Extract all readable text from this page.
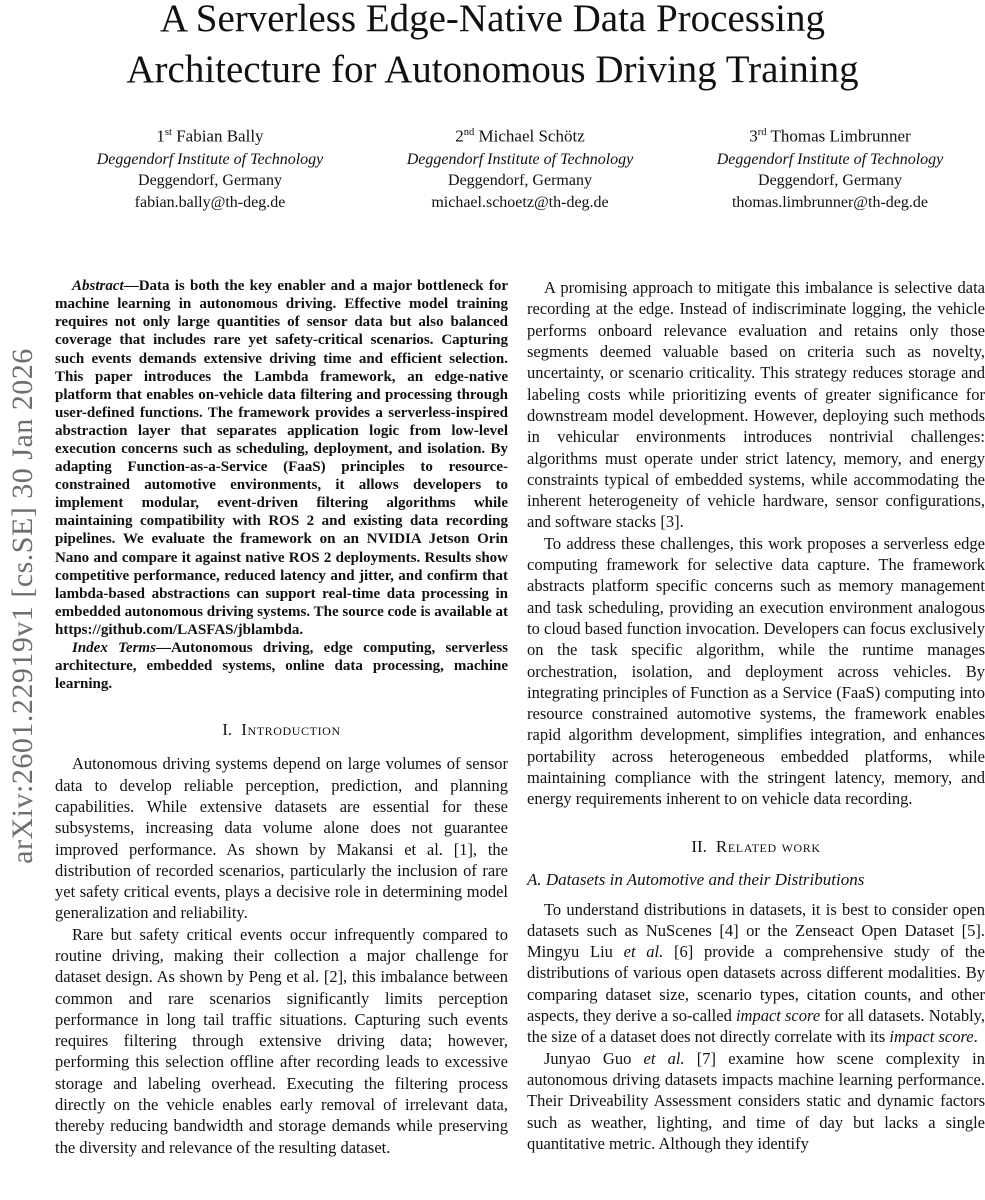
arXiv:2601.22919v1 [cs.SE] 30 Jan 2026
A Serverless Edge-Native Data Processing
Architecture for Autonomous Driving Training
1st Fabian Bally
Deggendorf Institute of Technology
Deggendorf, Germany
fabian.bally@th-deg.de
2nd Michael Schötz
Deggendorf Institute of Technology
Deggendorf, Germany
michael.schoetz@th-deg.de
3rd Thomas Limbrunner
Deggendorf Institute of Technology
Deggendorf, Germany
thomas.limbrunner@th-deg.de

Abstract—Data is both the key enabler and a major bottleneck for machine learning in autonomous driving. Effective model training requires not only large quantities of sensor data but also balanced coverage that includes rare yet safety-critical scenarios. Capturing such events demands extensive driving time and efficient selection. This paper introduces the Lambda framework, an edge-native platform that enables on-vehicle data filtering and processing through user-defined functions. The framework provides a serverless-inspired abstraction layer that separates application logic from low-level execution concerns such as scheduling, deployment, and isolation. By adapting Function-as-a-Service (FaaS) principles to resource-constrained automotive environments, it allows developers to implement modular, event-driven filtering algorithms while maintaining compatibility with ROS 2 and existing data recording pipelines. We evaluate the framework on an NVIDIA Jetson Orin Nano and compare it against native ROS 2 deployments. Results show competitive performance, reduced latency and jitter, and confirm that lambda-based abstractions can support real-time data processing in embedded autonomous driving systems. The source code is available at https://github.com/LASFAS/jblambda.

Index Terms—Autonomous driving, edge computing, serverless architecture, embedded systems, online data processing, machine learning.

I. Introduction

Autonomous driving systems depend on large volumes of sensor data to develop reliable perception, prediction, and planning capabilities. While extensive datasets are essential for these subsystems, increasing data volume alone does not guarantee improved performance. As shown by Makansi et al. [1], the distribution of recorded scenarios, particularly the inclusion of rare yet safety critical events, plays a decisive role in determining model generalization and reliability.

Rare but safety critical events occur infrequently compared to routine driving, making their collection a major challenge for dataset design. As shown by Peng et al. [2], this imbalance between common and rare scenarios significantly limits perception performance in long tail traffic situations. Capturing such events requires filtering through extensive driving data; however, performing this selection offline after recording leads to excessive storage and labeling overhead. Executing the filtering process directly on the vehicle enables early removal of irrelevant data, thereby reducing bandwidth and storage demands while preserving the diversity and relevance of the resulting dataset.

A promising approach to mitigate this imbalance is selective data recording at the edge. Instead of indiscriminate logging, the vehicle performs onboard relevance evaluation and retains only those segments deemed valuable based on criteria such as novelty, uncertainty, or scenario criticality. This strategy reduces storage and labeling costs while prioritizing events of greater significance for downstream model development. However, deploying such methods in vehicular environments introduces nontrivial challenges: algorithms must operate under strict latency, memory, and energy constraints typical of embedded systems, while accommodating the inherent heterogeneity of vehicle hardware, sensor configurations, and software stacks [3].

To address these challenges, this work proposes a serverless edge computing framework for selective data capture. The framework abstracts platform specific concerns such as memory management and task scheduling, providing an execution environment analogous to cloud based function invocation. Developers can focus exclusively on the task specific algorithm, while the runtime manages orchestration, isolation, and deployment across vehicles. By integrating principles of Function as a Service (FaaS) computing into resource constrained automotive systems, the framework enables rapid algorithm development, simplifies integration, and enhances portability across heterogeneous embedded platforms, while maintaining compliance with the stringent latency, memory, and energy requirements inherent to on vehicle data recording.

II. Related work
A. Datasets in Automotive and their Distributions

To understand distributions in datasets, it is best to consider open datasets such as NuScenes [4] or the Zenseact Open Dataset [5]. Mingyu Liu et al. [6] provide a comprehensive study of the distributions of various open datasets across different modalities. By comparing dataset size, scenario types, citation counts, and other aspects, they derive a so-called impact score for all datasets. Notably, the size of a dataset does not directly correlate with its impact score.

Junyao Guo et al. [7] examine how scene complexity in autonomous driving datasets impacts machine learning performance. Their Driveability Assessment considers static and dynamic factors such as weather, lighting, and time of day but lacks a single quantitative metric. Although they identify
